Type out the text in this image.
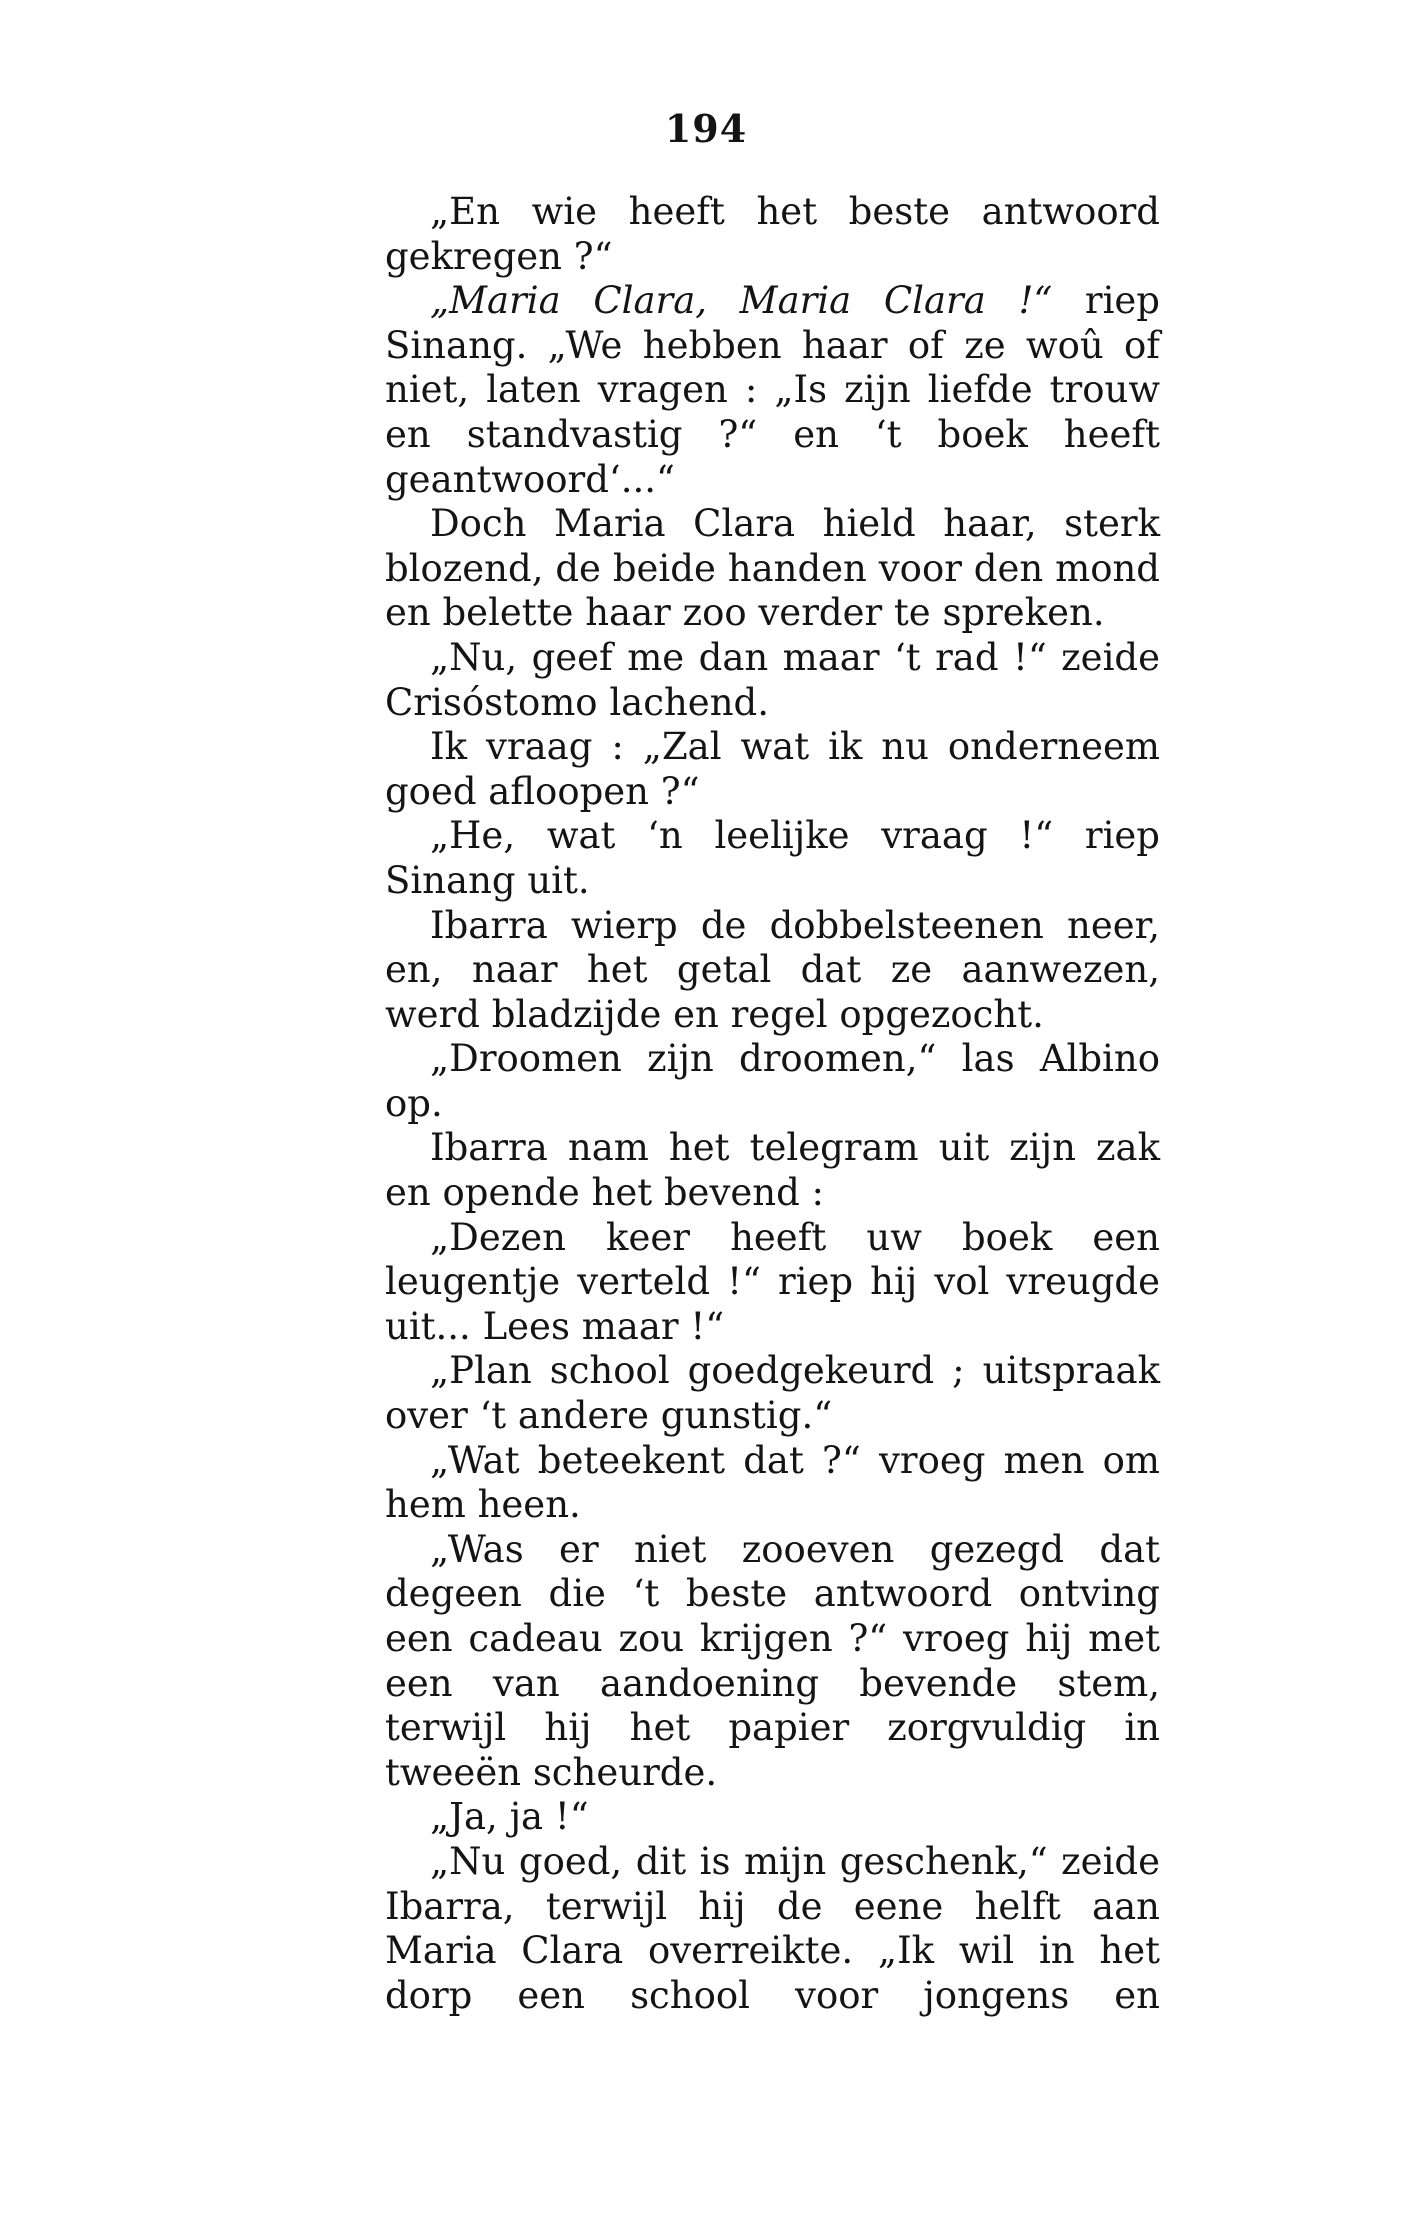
194

„En wie heeft het beste antwoord gekregen ?“

„Maria Clara, Maria Clara !“ riep Sinang. „We hebben haar of ze woû of niet, laten vragen : „Is zijn liefde trouw en standvastig ?“ en ‘t boek heeft geantwoord‘...“

Doch Maria Clara hield haar, sterk blozend, de beide handen voor den mond en belette haar zoo verder te spreken.

„Nu, geef me dan maar ‘t rad !“ zeide Crisóstomo lachend.

Ik vraag : „Zal wat ik nu onderneem goed afloopen ?“

„He, wat ‘n leelijke vraag !“ riep Sinang uit.

Ibarra wierp de dobbelsteenen neer, en, naar het getal dat ze aanwezen, werd bladzijde en regel opgezocht.

„Droomen zijn droomen,“ las Albino op.

Ibarra nam het telegram uit zijn zak en opende het bevend :

„Dezen keer heeft uw boek een leugentje verteld !“ riep hij vol vreugde uit... Lees maar !“

„Plan school goedgekeurd ; uitspraak over ‘t andere gunstig.“

„Wat beteekent dat ?“ vroeg men om hem heen.

„Was er niet zooeven gezegd dat degeen die ‘t beste antwoord ontving een cadeau zou krijgen ?“ vroeg hij met een van aandoening bevende stem, terwijl hij het papier zorgvuldig in tweeën scheurde.

„Ja, ja !“

„Nu goed, dit is mijn geschenk,“ zeide Ibarra, terwijl hij de eene helft aan Maria Clara overreikte. „Ik wil in het dorp een school voor jongens en
